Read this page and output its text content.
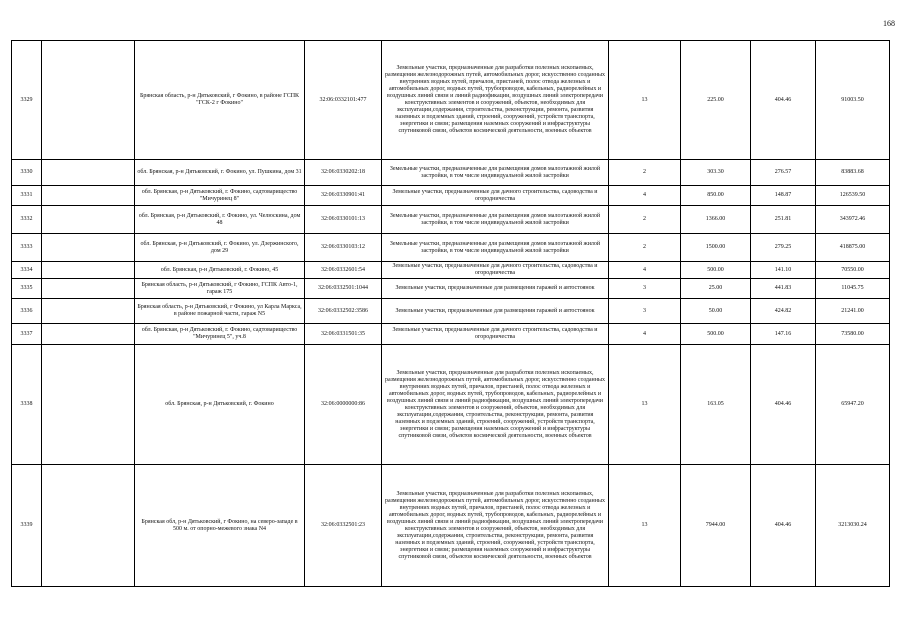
168
3329		Брянская область, р-н Дятьковский, г Фокино, в районе ГСПК "ГСК-2 г Фокино"	32:06:0332101:477	Земельные участки, предназначенные для разработки полезных ископаемых, размещения железнодорожных путей, автомобильных дорог, искусственно созданных внутренних водных путей, причалов, пристаней, полос отвода железных и автомобильных дорог, водных путей, трубопроводов, кабельных, радиорелейных и воздушных линий связи и линий радиофикации, воздушных линий электропередачи конструктивных элементов и сооружений, объектов, необходимых для эксплуатации,содержания, строительства, реконструкции, ремонта, развития наземных и подземных зданий, строений, сооружений, устройств транспорта, энергетики и связи; размещения наземных сооружений и инфраструктуры спутниковой связи, объектов космической деятельности, военных объектов	13	225.00	404.46	91003.50
3330		обл. Брянская, р-н Дятьковский, г. Фокино, ул. Пушкина, дом 31	32:06:0330202:18	Земельные участки, предназначенные для размещения домов малоэтажной жилой застройки, в том числе индивидуальной жилой застройки	2	303.30	276.57	83883.68
3331		обл. Брянская, р-н Дятьковский, г. Фокино, садтоварищество "Мичуринец 8"	32:06:0330901:41	Земельные участки, предназначенные для дачного строительства, садоводства и огородничества	4	850.00	148.87	126539.50
3332		обл. Брянская, р-н Дятьковский, г. Фокино, ул. Челюскина, дом 48	32:06:0330101:13	Земельные участки, предназначенные для размещения домов малоэтажной жилой застройки, в том числе индивидуальной жилой застройки	2	1366.00	251.81	343972.46
3333		обл. Брянская, р-н Дятьковский, г. Фокино, ул. Дзержинского, дом 29	32:06:0330103:12	Земельные участки, предназначенные для размещения домов малоэтажной жилой застройки, в том числе индивидуальной жилой застройки	2	1500.00	279.25	418875.00
3334		обл. Брянская, р-н Дятьковский, г. Фокино, 45	32:06:0332601:54	Земельные участки, предназначенные для дачного строительства, садоводства и огородничества	4	500.00	141.10	70550.00
3335		Брянская область, р-н Дятьковский, г Фокино, ГСПК Авто-1, гараж 175	32:06:0332501:1044	Земельные участки, предназначенные для размещения гаражей и автостоянок	3	25.00	441.83	11045.75
3336		Брянская область, р-н Дятьковский, г Фокино, ул Карла Маркса, в районе пожарной части, гараж N5	32:06:0332502:3586	Земельные участки, предназначенные для размещения гаражей и автостоянок	3	50.00	424.82	21241.00
3337		обл. Брянская, р-н Дятьковский, г. Фокино, садтоварищество "Мичуринец 5", уч.8	32:06:0331501:35	Земельные участки, предназначенные для дачного строительства, садоводства и огородничества	4	500.00	147.16	73580.00
3338		обл. Брянская, р-н Дятьковский, г. Фокино	32:06:0000000:86	Земельные участки, предназначенные для разработки полезных ископаемых, размещения железнодорожных путей, автомобильных дорог, искусственно созданных внутренних водных путей, причалов, пристаней, полос отвода железных и автомобильных дорог, водных путей, трубопроводов, кабельных, радиорелейных и воздушных линий связи и линий радиофикации, воздушных линий электропередачи конструктивных элементов и сооружений, объектов, необходимых для эксплуатации,содержания, строительства, реконструкции, ремонта, развития наземных и подземных зданий, строений, сооружений, устройств транспорта, энергетики и связи; размещения наземных сооружений и инфраструктуры спутниковой связи, объектов космической деятельности, военных объектов	13	163.05	404.46	65947.20
3339		Брянская обл, р-н Дятьковский, г Фокино, на северо-западе в 500 м. от опорно-межевого знака N4	32:06:0332501:23	Земельные участки, предназначенные для разработки полезных ископаемых, размещения железнодорожных путей, автомобильных дорог, искусственно созданных внутренних водных путей, причалов, пристаней, полос отвода железных и автомобильных дорог, водных путей, трубопроводов, кабельных, радиорелейных и воздушных линий связи и линий радиофикации, воздушных линий электропередачи конструктивных элементов и сооружений, объектов, необходимых для эксплуатации,содержания, строительства, реконструкции, ремонта, развития наземных и подземных зданий, строений, сооружений, устройств транспорта, энергетики и связи; размещения наземных сооружений и инфраструктуры спутниковой связи, объектов космической деятельности, военных объектов	13	7944.00	404.46	3213030.24
